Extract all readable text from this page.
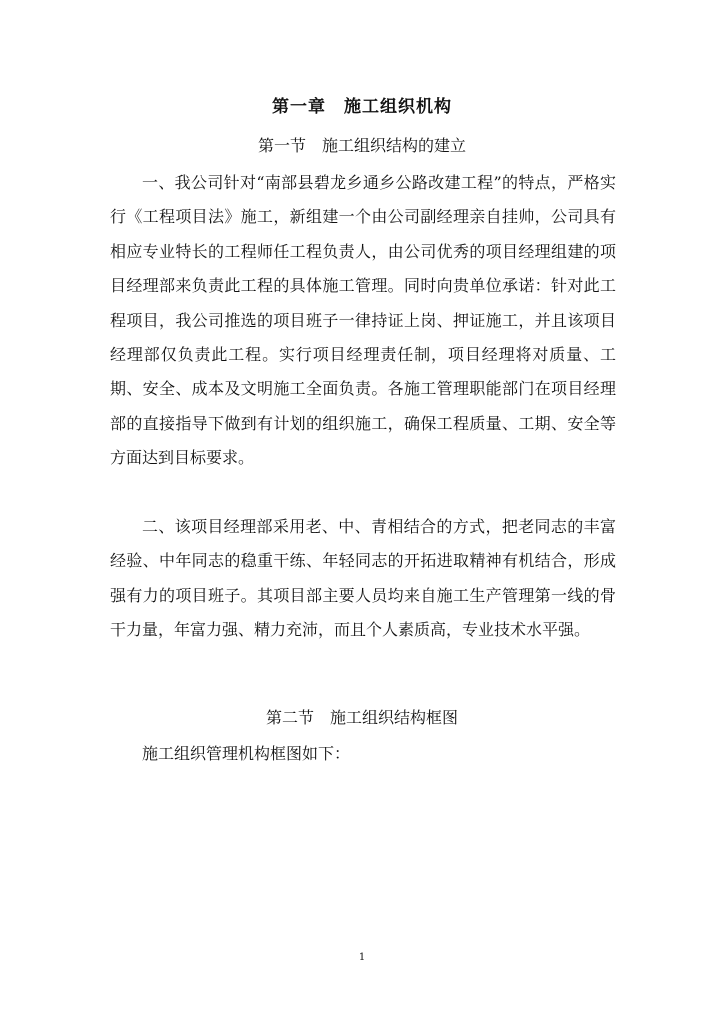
第一章　施工组织机构
第一节　施工组织结构的建立

一、我公司针对“南部县碧龙乡通乡公路改建工程”的特点，严格实行《工程项目法》施工，新组建一个由公司副经理亲自挂帅，公司具有相应专业特长的工程师任工程负责人，由公司优秀的项目经理组建的项目经理部来负责此工程的具体施工管理。同时向贵单位承诺：针对此工程项目，我公司推选的项目班子一律持证上岗、押证施工，并且该项目经理部仅负责此工程。实行项目经理责任制，项目经理将对质量、工期、安全、成本及文明施工全面负责。各施工管理职能部门在项目经理部的直接指导下做到有计划的组织施工，确保工程质量、工期、安全等方面达到目标要求。

二、该项目经理部采用老、中、青相结合的方式，把老同志的丰富经验、中年同志的稳重干练、年轻同志的开拓进取精神有机结合，形成强有力的项目班子。其项目部主要人员均来自施工生产管理第一线的骨干力量，年富力强、精力充沛，而且个人素质高，专业技术水平强。

第二节　施工组织结构框图

施工组织管理机构框图如下：

1
